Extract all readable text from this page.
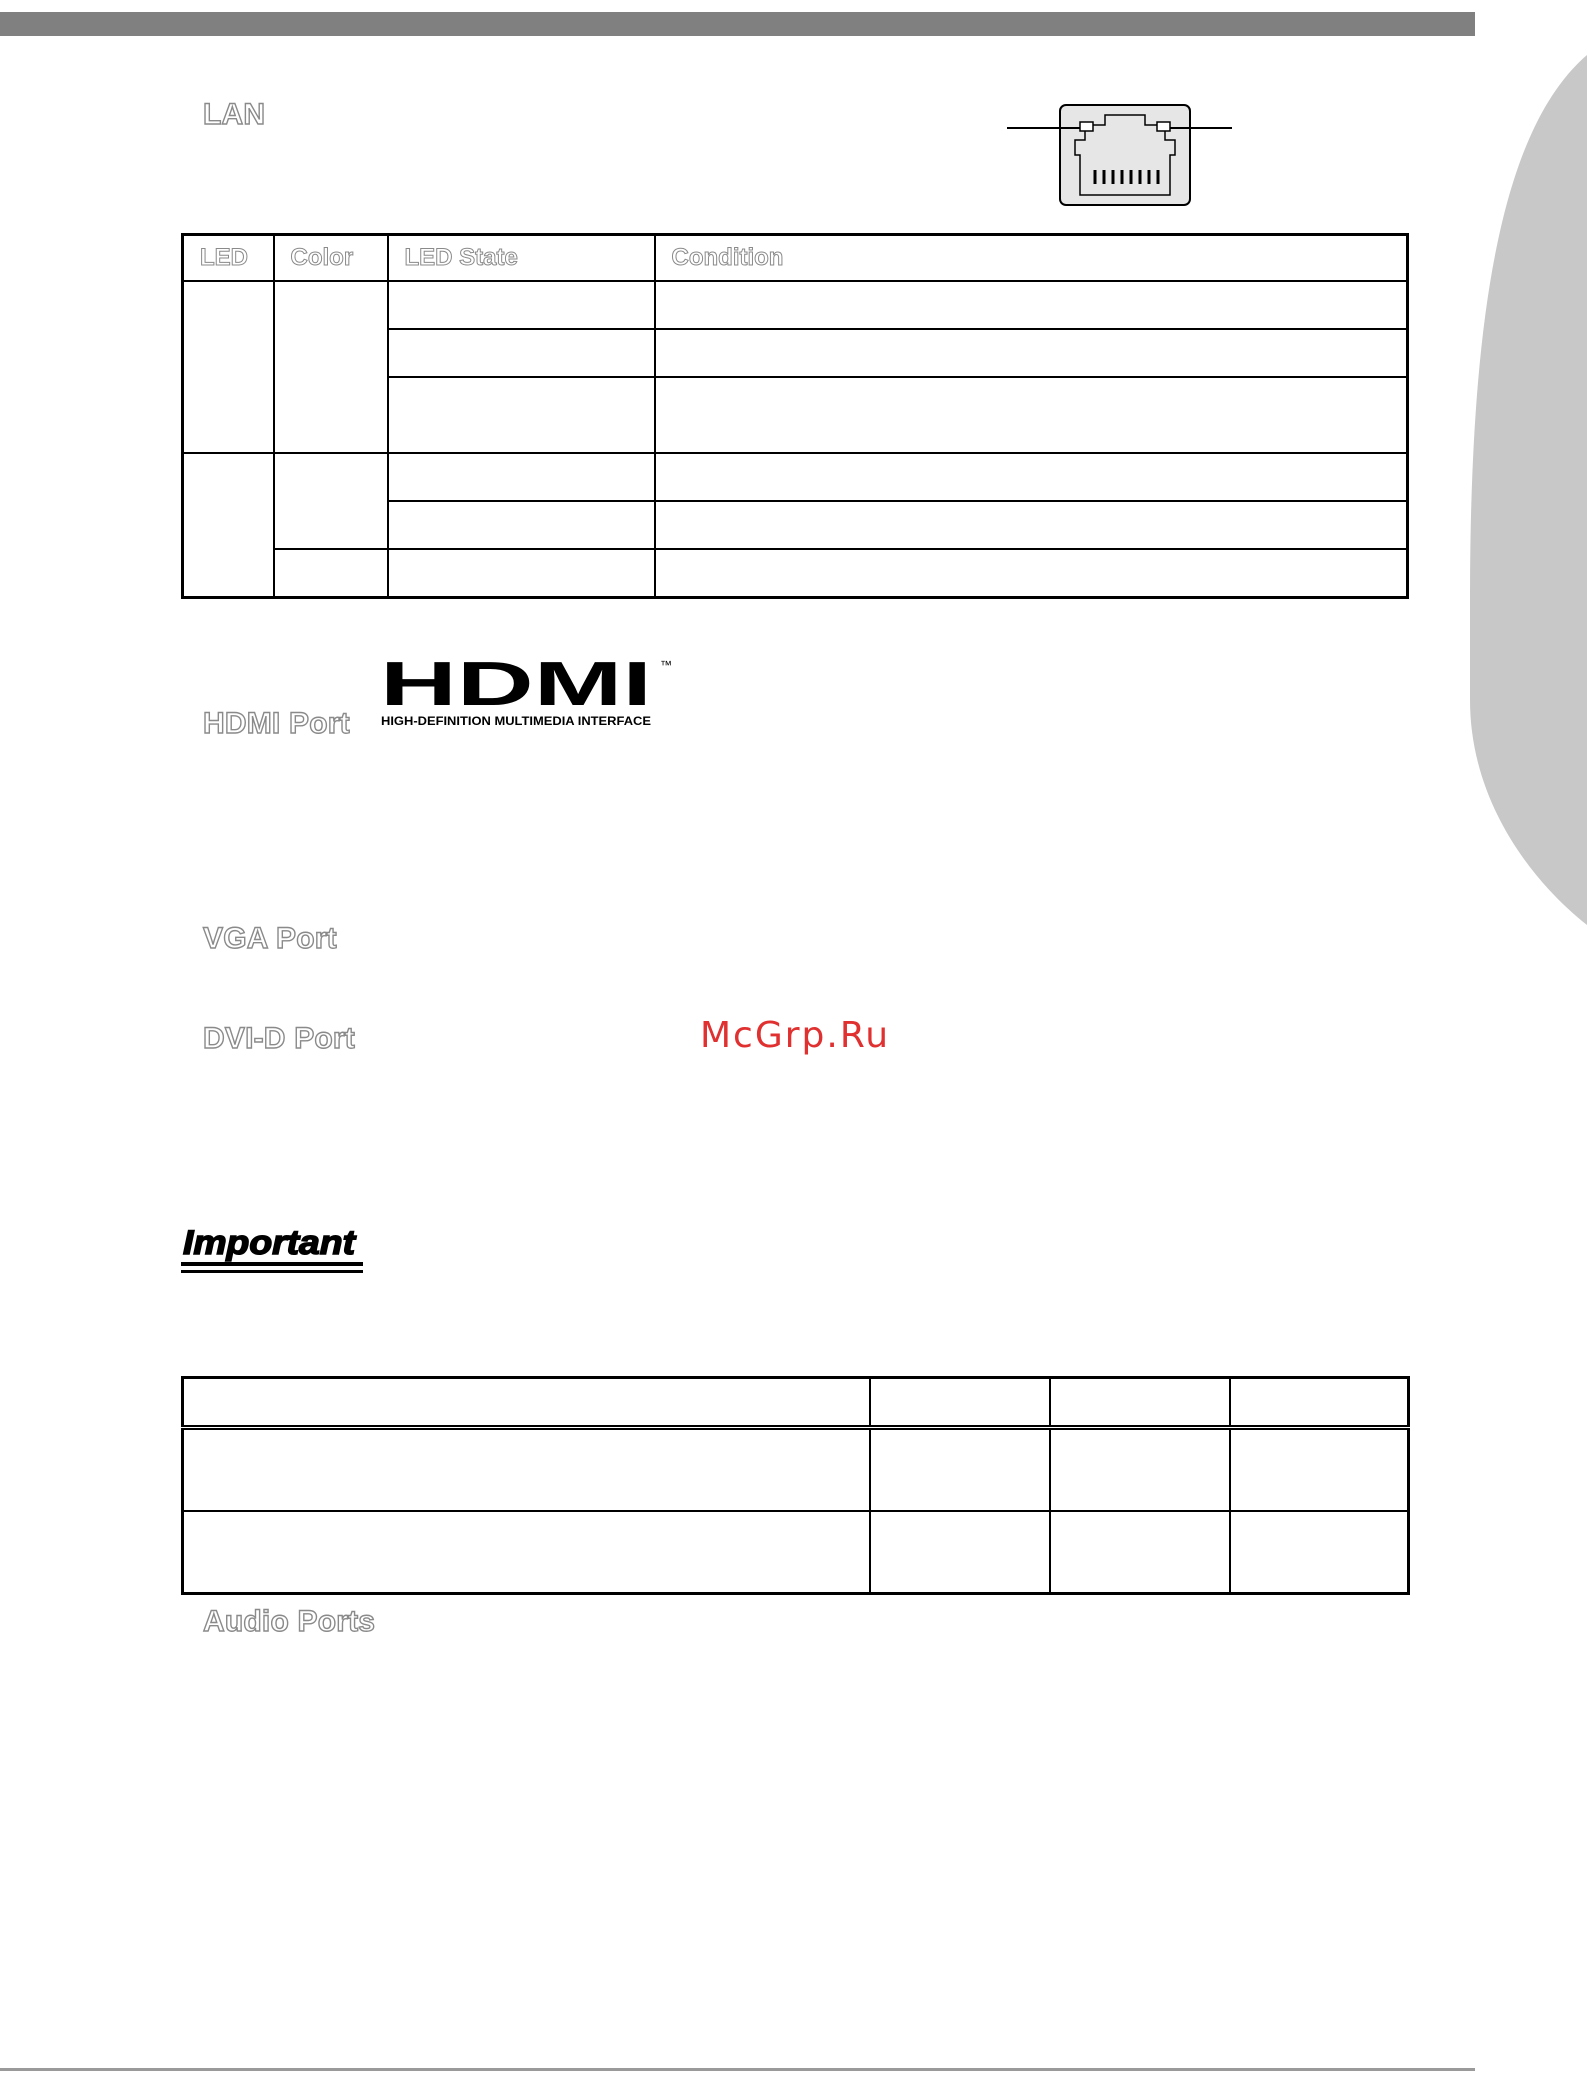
LAN
LED	Color	LED State	Condition

HDMI ™
HIGH-DEFINITION MULTIMEDIA INTERFACE
HDMI Port
VGA Port
DVI-D Port	McGrp.Ru
Important

Audio Ports
